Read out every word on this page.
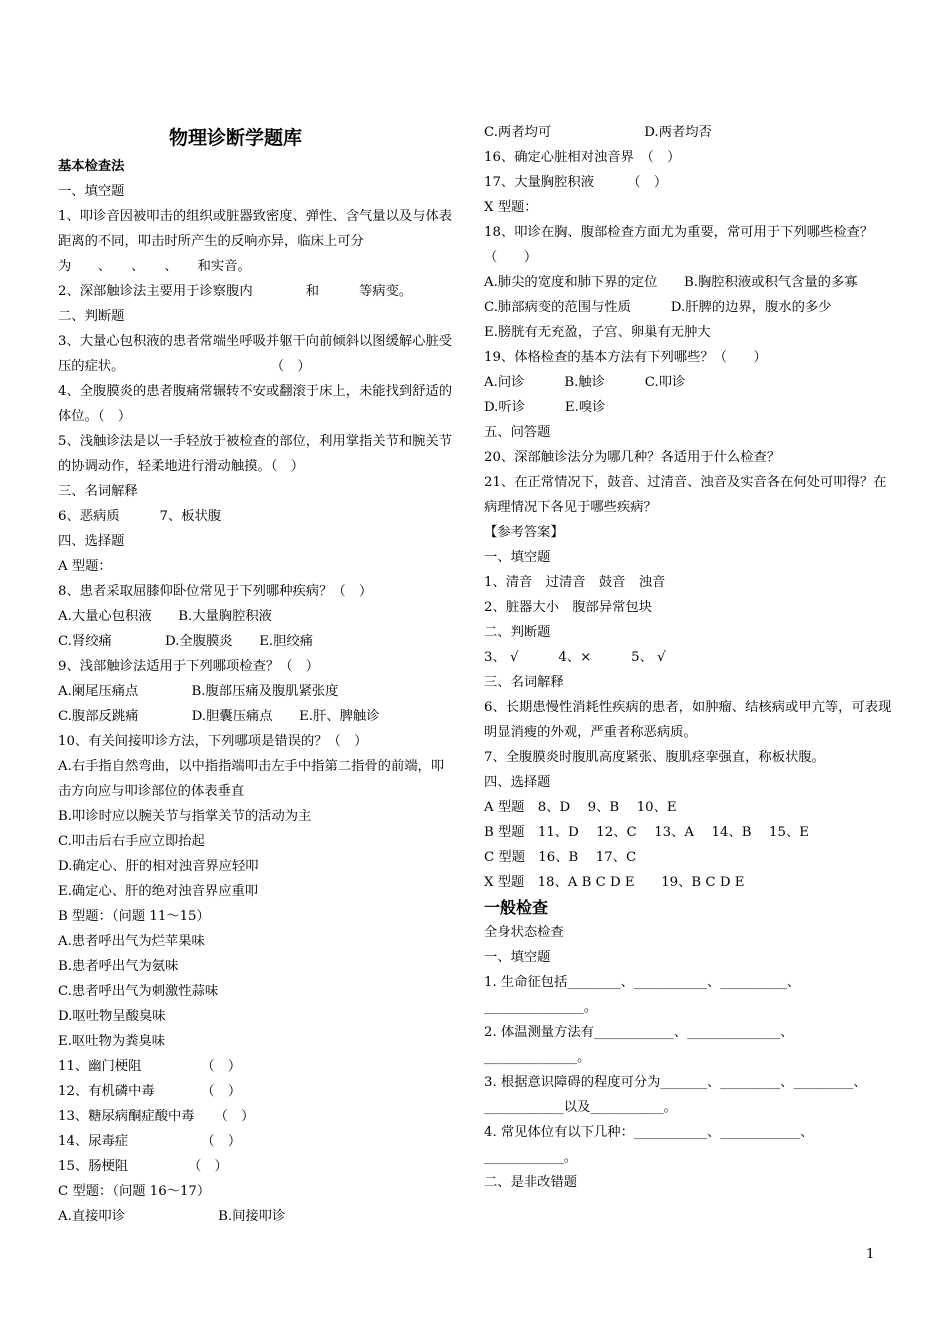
物理诊断学题库
基本检查法
一、填空题
1、叩诊音因被叩击的组织或脏器致密度、弹性、含气量以及与体表距离的不同，叩击时所产生的反响亦异，临床上可分为　　、　　、　　、　　和实音。
2、深部触诊法主要用于诊察腹内　　　　和　　　等病变。
二、判断题
3、大量心包积液的患者常端坐呼吸并躯干向前倾斜以图缓解心脏受压的症状。　　　　　　　　　　　　（　）
4、全腹膜炎的患者腹痛常辗转不安或翻滚于床上，未能找到舒适的体位。（　）
5、浅触诊法是以一手轻放于被检查的部位，利用掌指关节和腕关节的协调动作，轻柔地进行滑动触摸。（　）
三、名词解释
6、恶病质　　　7、板状腹
四、选择题
A 型题：
8、患者采取屈膝仰卧位常见于下列哪种疾病？（　）
A.大量心包积液　　B.大量胸腔积液
C.肾绞痛　　　　D.全腹膜炎　　E.胆绞痛
9、浅部触诊法适用于下列哪项检查？（　）
A.阑尾压痛点　　　　B.腹部压痛及腹肌紧张度
C.腹部反跳痛　　　　D.胆囊压痛点　　E.肝、脾触诊
10、有关间接叩诊方法，下列哪项是错误的？（　）
A.右手指自然弯曲，以中指指端叩击左手中指第二指骨的前端，叩击方向应与叩诊部位的体表垂直
B.叩诊时应以腕关节与指掌关节的活动为主
C.叩击后右手应立即抬起
D.确定心、肝的相对浊音界应轻叩
E.确定心、肝的绝对浊音界应重叩
B 型题：（问题 11～15）
A.患者呼出气为烂苹果味
B.患者呼出气为氨味
C.患者呼出气为刺激性蒜味
D.呕吐物呈酸臭味
E.呕吐物为粪臭味
11、幽门梗阻　　　　　（　）
12、有机磷中毒　　　　（　）
13、糖尿病酮症酸中毒　　（　）
14、尿毒症　　　　　　（　）
15、肠梗阻　　　　　（　）
C 型题：（问题 16～17）
A.直接叩诊　　　　　　　B.间接叩诊
C.两者均可　　　　　　　D.两者均否
16、确定心脏相对浊音界　（　）
17、大量胸腔积液　　　（　）
X 型题：
18、叩诊在胸、腹部检查方面尤为重要，常可用于下列哪些检查？（　　）
A.肺尖的宽度和肺下界的定位　　B.胸腔积液或积气含量的多寡
C.肺部病变的范围与性质　　　D.肝脾的边界，腹水的多少
E.膀胱有无充盈，子宫、卵巢有无肿大
19、体格检查的基本方法有下列哪些？（　　）
A.问诊　　　B.触诊　　　C.叩诊
D.听诊　　　E.嗅诊
五、问答题
20、深部触诊法分为哪几种？各适用于什么检查？
21、在正常情况下，鼓音、过清音、浊音及实音各在何处可叩得？在病理情况下各见于哪些疾病？
【参考答案】
一、填空题
1、清音　过清音　鼓音　浊音
2、脏器大小　腹部异常包块
二、判断题
3、 √　　　4、×　　　5、 √
三、名词解释
6、长期患慢性消耗性疾病的患者，如肿瘤、结核病或甲亢等，可表现明显消瘦的外观，严重者称恶病质。
7、全腹膜炎时腹肌高度紧张、腹肌痉挛强直，称板状腹。
四、选择题
A 型题　8、D　 9、B　 10、E
B 型题　11、D　 12、C　 13、A　 14、B　 15、E
C 型题　16、B　 17、C
X 型题　18、A B C D E　　19、B C D E
一般检查
全身状态检查
一、填空题
1. 生命征包括________、___________、__________、_______________。
2. 体温测量方法有____________、______________、______________。
3. 根据意识障碍的程度可分为_______、_________、_________、____________以及___________。
4. 常见体位有以下几种：___________、____________、____________。
二、是非改错题
1
